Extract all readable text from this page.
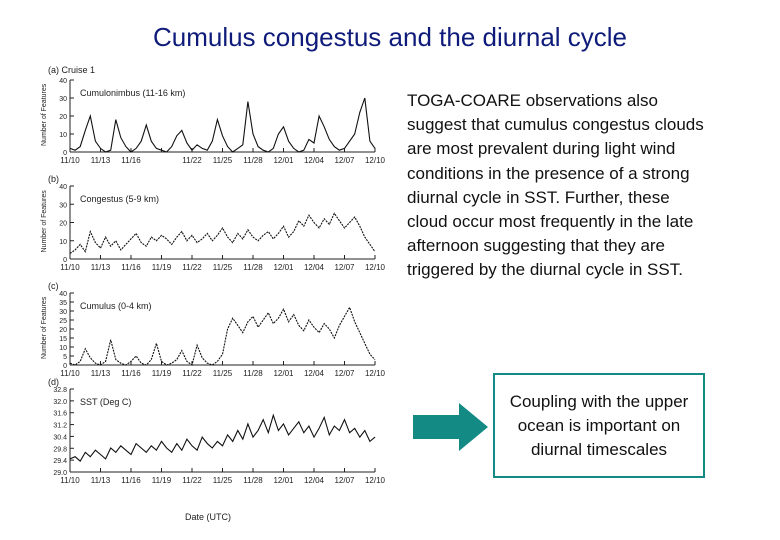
Cumulus congestus and the diurnal cycle
(a) Cruise 1
Cumulonimbus (11-16 km)
Number of Features
0
10
20
30
40
11/10 11/13 11/16	11/22 11/25 11/28 12/01 12/04 12/07 12/10
(b)
Congestus (5-9 km)
Number of Features
0
10
20
30
40
11/10 11/13 11/16 11/19 11/22 11/25 11/28 12/01 12/04 12/07 12/10
(c)
Cumulus (0-4 km)
Number of Features
0
5
10
15
20
25
30
35
40
11/10 11/13 11/16 11/19 11/22 11/25 11/28 12/01 12/04 12/07 12/10
(d)
SST (Deg C)
29.0
29.4
29.8
30.4
31.2
31.6
32.0
32.8
11/10 11/13 11/16 11/19 11/22 11/25 11/28 12/01 12/04 12/07 12/10
Date (UTC)
TOGA-COARE observations also suggest that cumulus congestus clouds are most prevalent during light wind conditions in the presence of a strong diurnal cycle in SST. Further, these cloud occur most frequently in the late afternoon suggesting that they are triggered by the diurnal cycle in SST.
Coupling with the upper ocean is important on diurnal timescales
